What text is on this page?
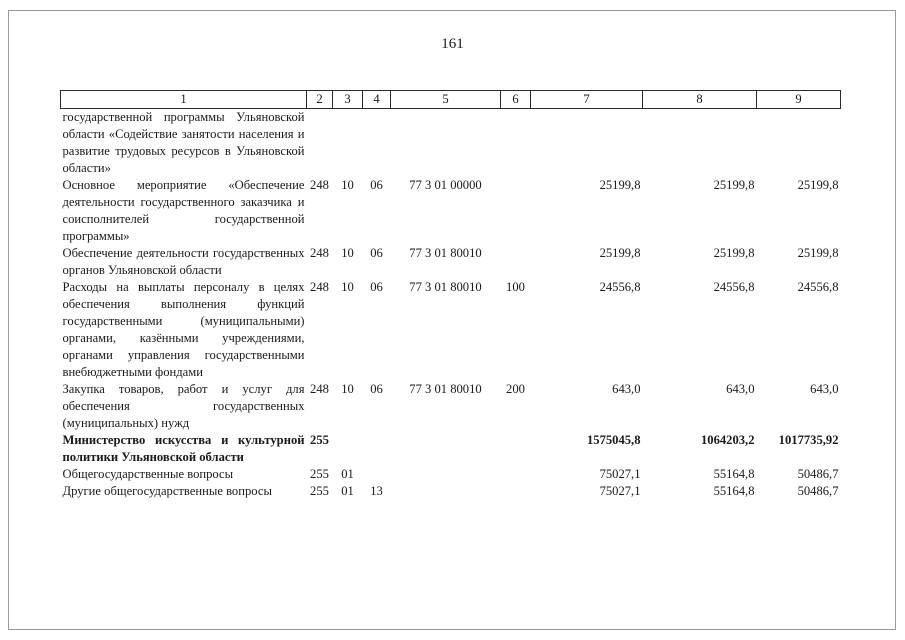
161
1	2	3	4	5	6	7	8	9
государственной программы Ульяновской области «Содействие занятости населения и развитие трудовых ресурсов в Ульяновской области»								
Основное мероприятие «Обеспечение деятельности государственного заказчика и соисполнителей государственной программы»	248	10	06	77 3 01 00000		25199,8	25199,8	25199,8
Обеспечение деятельности государственных органов Ульяновской области	248	10	06	77 3 01 80010		25199,8	25199,8	25199,8
Расходы на выплаты персоналу в целях обеспечения выполнения функций государственными (муниципальными) органами, казёнными учреждениями, органами управления государственными внебюджетными фондами	248	10	06	77 3 01 80010	100	24556,8	24556,8	24556,8
Закупка товаров, работ и услуг для обеспечения государственных (муниципальных) нужд	248	10	06	77 3 01 80010	200	643,0	643,0	643,0
Министерство искусства и культурной политики Ульяновской области	255					1575045,8	1064203,2	1017735,92
Общегосударственные вопросы	255	01				75027,1	55164,8	50486,7
Другие общегосударственные вопросы	255	01	13			75027,1	55164,8	50486,7
